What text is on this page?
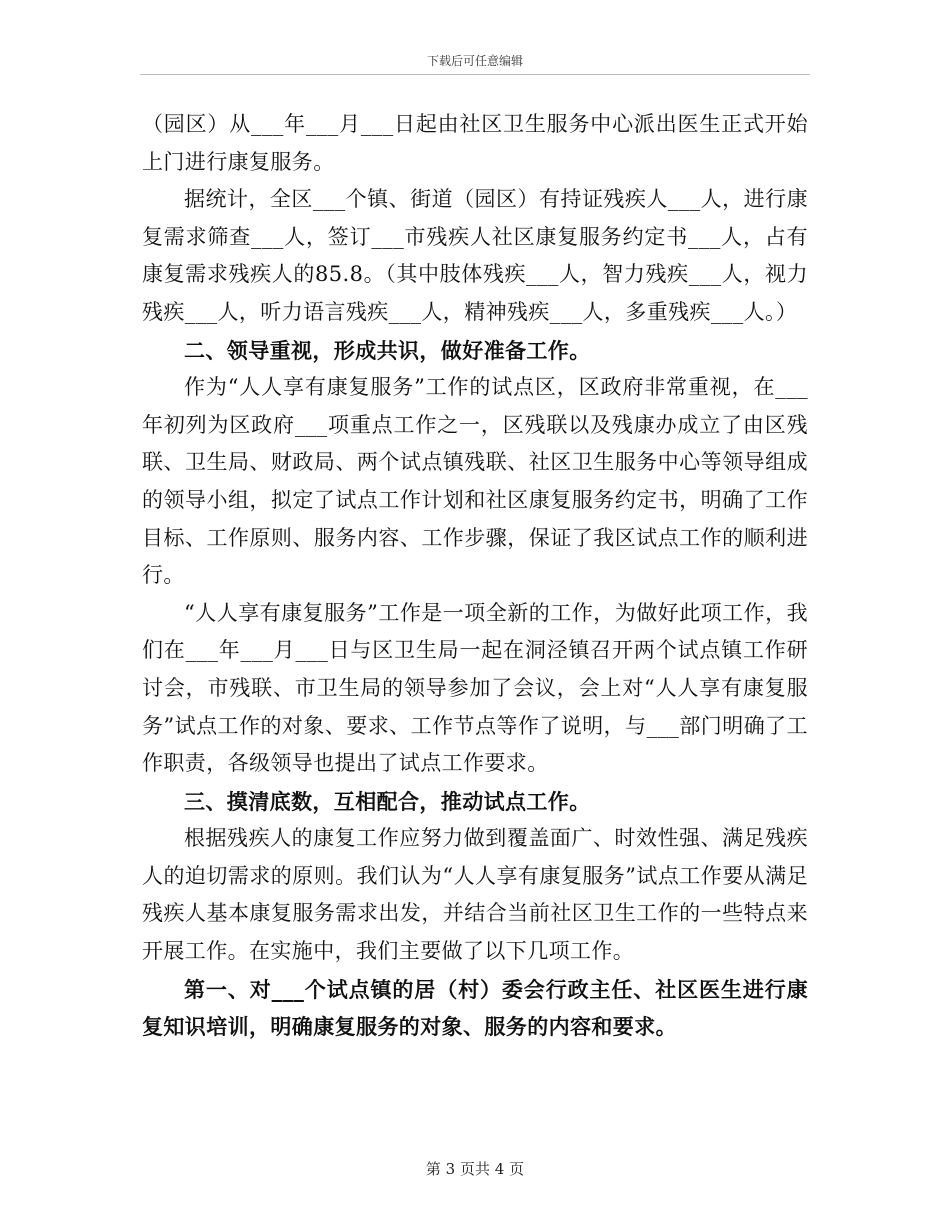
下载后可任意编辑

（园区）从___年___月___日起由社区卫生服务中心派出医生正式开始上门进行康复服务。

据统计，全区___个镇、街道（园区）有持证残疾人___人，进行康复需求筛查___人，签订___市残疾人社区康复服务约定书___人，占有康复需求残疾人的85.8。（其中肢体残疾___人，智力残疾___人，视力残疾___人，听力语言残疾___人，精神残疾___人，多重残疾___人。）

二、领导重视，形成共识，做好准备工作。

作为“人人享有康复服务”工作的试点区，区政府非常重视，在___年初列为区政府___项重点工作之一，区残联以及残康办成立了由区残联、卫生局、财政局、两个试点镇残联、社区卫生服务中心等领导组成的领导小组，拟定了试点工作计划和社区康复服务约定书，明确了工作目标、工作原则、服务内容、工作步骤，保证了我区试点工作的顺利进行。

“人人享有康复服务”工作是一项全新的工作，为做好此项工作，我们在___年___月___日与区卫生局一起在洞泾镇召开两个试点镇工作研讨会，市残联、市卫生局的领导参加了会议，会上对“人人享有康复服务”试点工作的对象、要求、工作节点等作了说明，与___部门明确了工作职责，各级领导也提出了试点工作要求。

三、摸清底数，互相配合，推动试点工作。

根据残疾人的康复工作应努力做到覆盖面广、时效性强、满足残疾人的迫切需求的原则。我们认为“人人享有康复服务”试点工作要从满足残疾人基本康复服务需求出发，并结合当前社区卫生工作的一些特点来开展工作。在实施中，我们主要做了以下几项工作。

第一、对___个试点镇的居（村）委会行政主任、社区医生进行康复知识培训，明确康复服务的对象、服务的内容和要求。

第 3 页共 4 页
